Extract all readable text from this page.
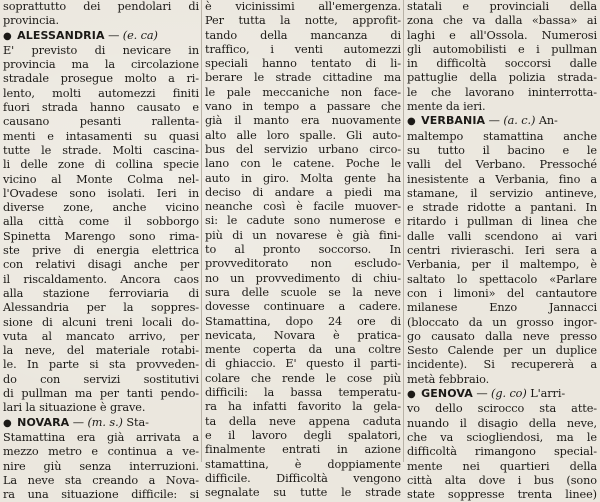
soprattutto dei pendolari di
provincia.
● ALESSANDRIA — (e. ca)
E' previsto di nevicare in
provincia ma la circolazione
stradale prosegue molto a ri-
lento, molti automezzi finiti
fuori strada hanno causato e
causano pesanti rallenta-
menti e intasamenti su quasi
tutte le strade. Molti cascina-
li delle zone di collina specie
vicino al Monte Colma nel-
l'Ovadese sono isolati. Ieri in
diverse zone, anche vicino
alla città come il sobborgo
Spinetta Marengo sono rima-
ste prive di energia elettrica
con relativi disagi anche per
il riscaldamento. Ancora caos
alla stazione ferroviaria di
Alessandria per la soppres-
sione di alcuni treni locali do-
vuta al mancato arrivo, per
la neve, del materiale rotabi-
le. In parte si sta provveden-
do con servizi sostitutivi
di pullman ma per tanti pendo-
lari la situazione è grave.
● NOVARA — (m. s.) Sta-
Stamattina era già arrivata a
mezzo metro e continua a ve-
nire giù senza interruzioni.
La neve sta creando a Nova-
ra una situazione difficile: si
è vicinissimi all'emergenza.
Per tutta la notte, approfit-
tando della mancanza di
traffico, i venti automezzi
speciali hanno tentato di li-
berare le strade cittadine ma
le pale meccaniche non face-
vano in tempo a passare che
già il manto era nuovamente
alto alle loro spalle. Gli auto-
bus del servizio urbano circo-
lano con le catene. Poche le
auto in giro. Molta gente ha
deciso di andare a piedi ma
neanche così è facile muover-
si: le cadute sono numerose e
più di un novarese è già fini-
to al pronto soccorso. In
provveditorato non escludo-
no un provvedimento di chiu-
sura delle scuole se la neve
dovesse continuare a cadere.
Stamattina, dopo 24 ore di
nevicata, Novara è pratica-
mente coperta da una coltre
di ghiaccio. E' questo il parti-
colare che rende le cose più
difficili: la bassa temperatu-
ra ha infatti favorito la gela-
ta della neve appena caduta
e il lavoro degli spalatori,
finalmente entrati in azione
stamattina, è doppiamente
difficile. Difficoltà vengono
segnalate su tutte le strade
statali e provinciali della
zona che va dalla «bassa» ai
laghi e all'Ossola. Numerosi
gli automobilisti e i pullman
in difficoltà soccorsi dalle
pattuglie della polizia strada-
le che lavorano ininterrotta-
mente da ieri.
● VERBANIA — (a. c.) An-
maltempo stamattina anche
su tutto il bacino e le
valli del Verbano. Pressoché
inesistente a Verbania, fino a
stamane, il servizio antineve,
e strade ridotte a pantani. In
ritardo i pullman di linea che
dalle valli scendono ai vari
centri rivieraschi. Ieri sera a
Verbania, per il maltempo, è
saltato lo spettacolo «Parlare
con i limoni» del cantautore
milanese Enzo Jannacci
(bloccato da un grosso ingor-
go causato dalla neve presso
Sesto Calende per un duplice
incidente). Si recupererà a
metà febbraio.
● GENOVA — (g. co) L'arri-
vo dello scirocco sta atte-
nuando il disagio della neve,
che va sciogliendosi, ma le
difficoltà rimangono special-
mente nei quartieri della
città alta dove i bus (sono
state soppresse trenta linee)
